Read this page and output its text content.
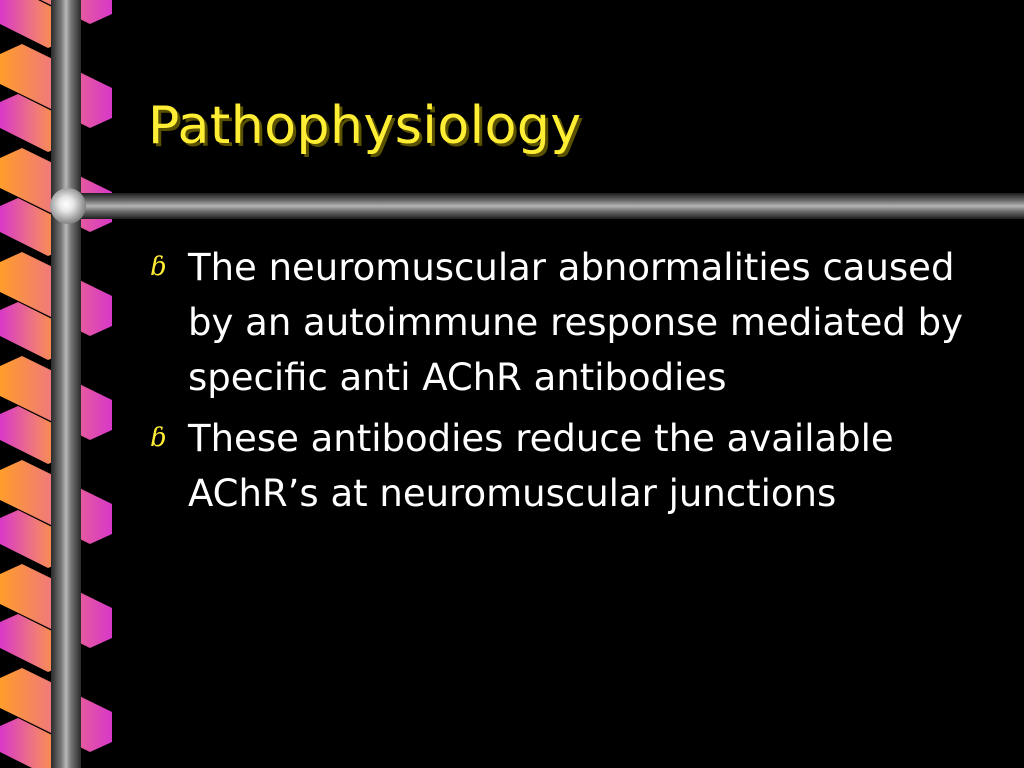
Pathophysiology
ɓ The neuromuscular abnormalities caused by an autoimmune response mediated by specific anti AChR antibodies
ɓ These antibodies reduce the available AChR’s at neuromuscular junctions
